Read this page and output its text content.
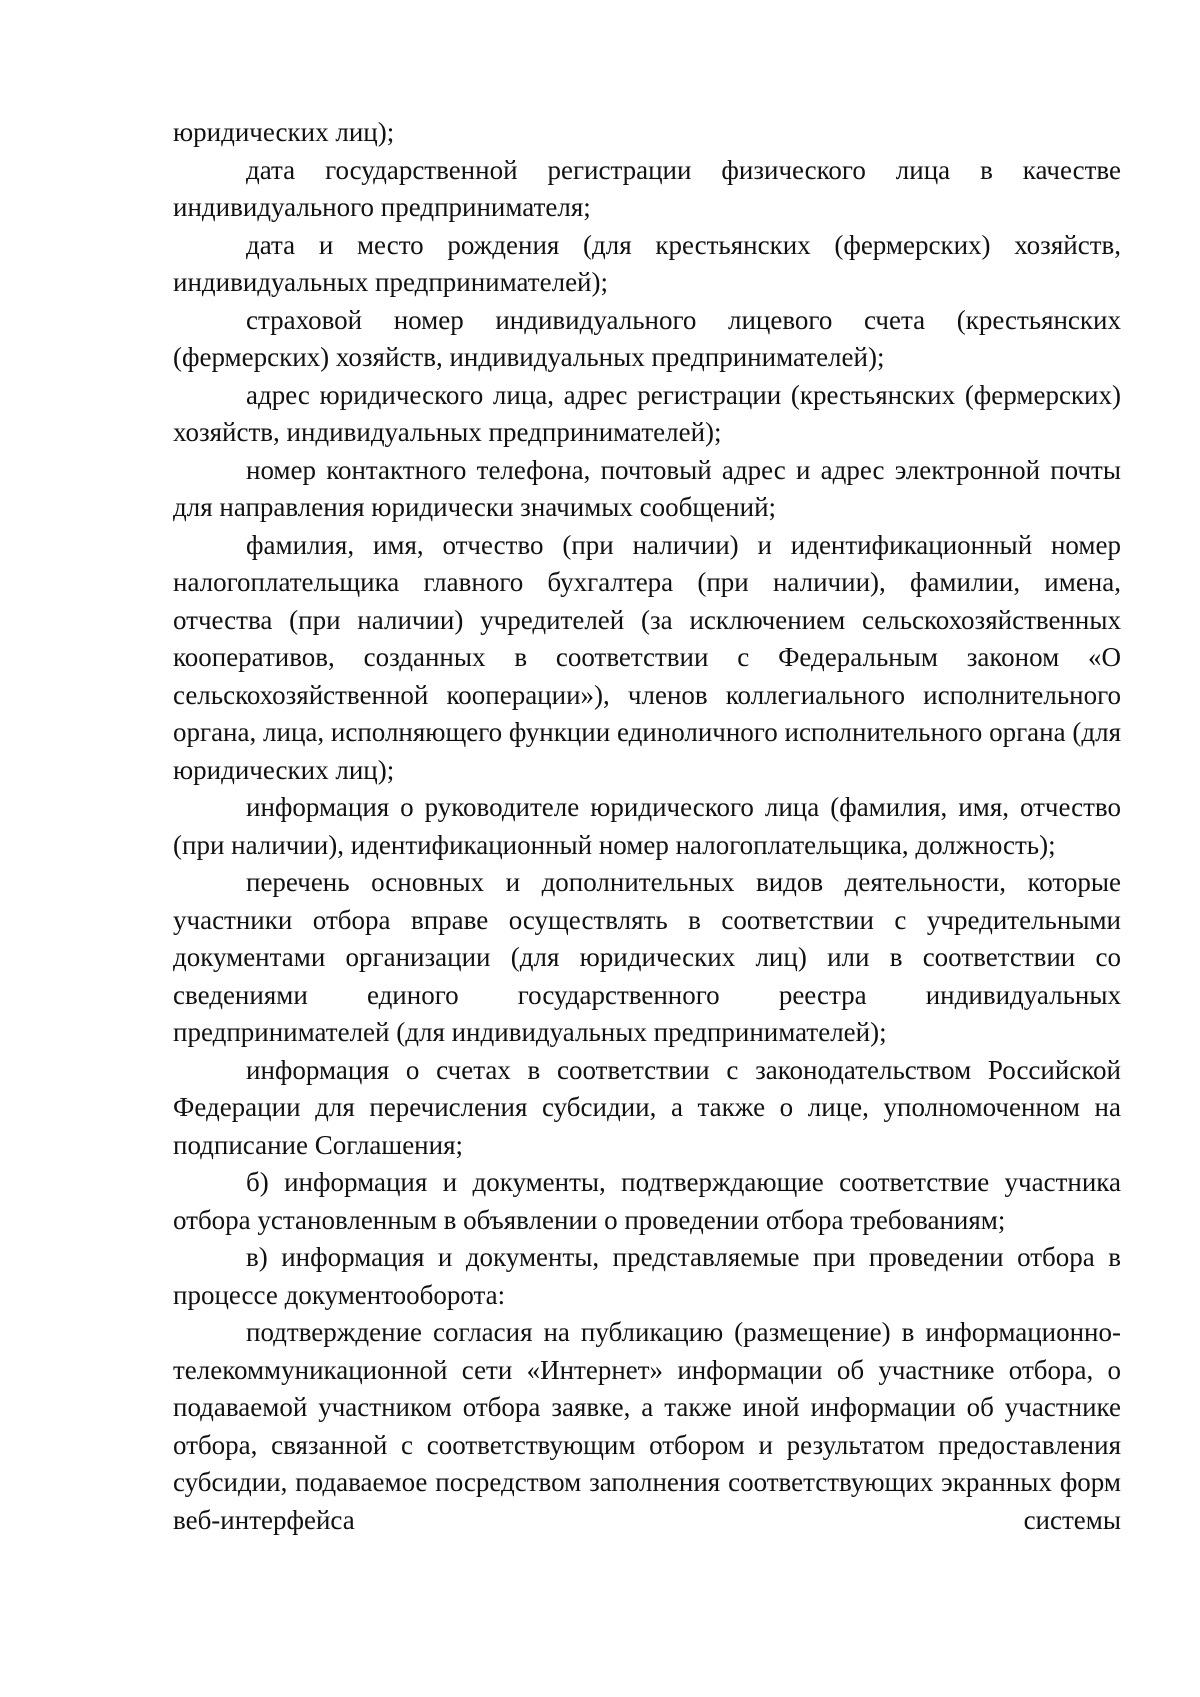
юридических лиц);

дата государственной регистрации физического лица в качестве индивидуального предпринимателя;

дата и место рождения (для крестьянских (фермерских) хозяйств, индивидуальных предпринимателей);

страховой номер индивидуального лицевого счета (крестьянских (фермерских) хозяйств, индивидуальных предпринимателей);

адрес юридического лица, адрес регистрации (крестьянских (фермерских) хозяйств, индивидуальных предпринимателей);

номер контактного телефона, почтовый адрес и адрес электронной почты для направления юридически значимых сообщений;

фамилия, имя, отчество (при наличии) и идентификационный номер налогоплательщика главного бухгалтера (при наличии), фамилии, имена, отчества (при наличии) учредителей (за исключением сельскохозяйственных кооперативов, созданных в соответствии с Федеральным законом «О сельскохозяйственной кооперации»), членов коллегиального исполнительного органа, лица, исполняющего функции единоличного исполнительного органа (для юридических лиц);

информация о руководителе юридического лица (фамилия, имя, отчество (при наличии), идентификационный номер налогоплательщика, должность);

перечень основных и дополнительных видов деятельности, которые участники отбора вправе осуществлять в соответствии с учредительными документами организации (для юридических лиц) или в соответствии со сведениями единого государственного реестра индивидуальных предпринимателей (для индивидуальных предпринимателей);

информация о счетах в соответствии с законодательством Российской Федерации для перечисления субсидии, а также о лице, уполномоченном на подписание Соглашения;

б) информация и документы, подтверждающие соответствие участника отбора установленным в объявлении о проведении отбора требованиям;

в) информация и документы, представляемые при проведении отбора в процессе документооборота:

подтверждение согласия на публикацию (размещение) в информационно-телекоммуникационной сети «Интернет» информации об участнике отбора, о подаваемой участником отбора заявке, а также иной информации об участнике отбора, связанной с соответствующим отбором и результатом предоставления субсидии, подаваемое посредством заполнения соответствующих экранных форм веб-интерфейса системы
